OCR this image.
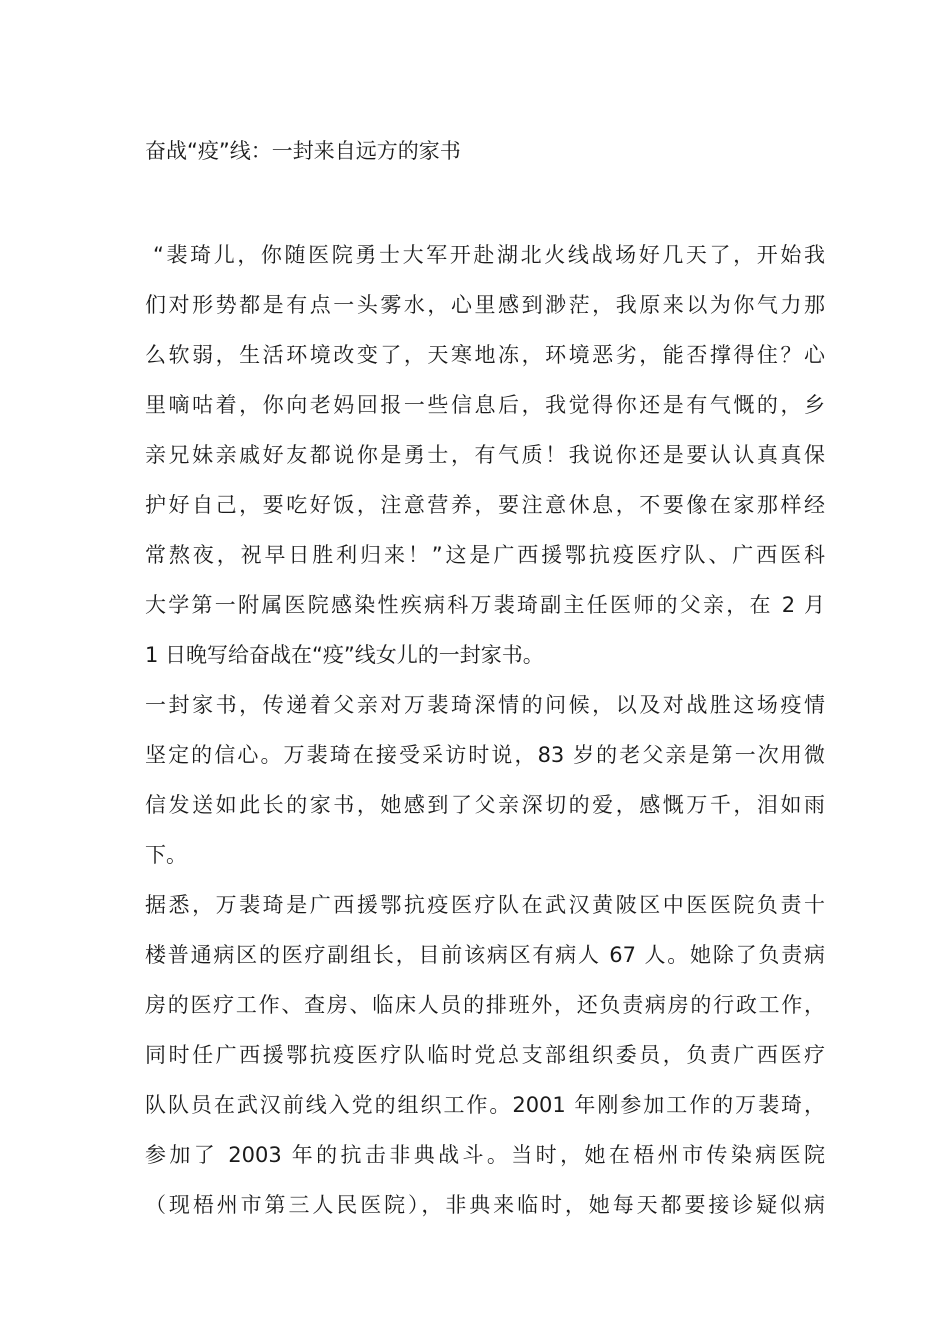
奋战“疫”线：一封来自远方的家书
“裴琦儿，你随医院勇士大军开赴湖北火线战场好几天了，开始我
们对形势都是有点一头雾水，心里感到渺茫，我原来以为你气力那
么软弱，生活环境改变了，天寒地冻，环境恶劣，能否撑得住？心
里嘀咕着，你向老妈回报一些信息后，我觉得你还是有气慨的，乡
亲兄妹亲戚好友都说你是勇士，有气质！我说你还是要认认真真保
护好自己，要吃好饭，注意营养，要注意休息，不要像在家那样经
常熬夜，祝早日胜利归来！”这是广西援鄂抗疫医疗队、广西医科
大学第一附属医院感染性疾病科万裴琦副主任医师的父亲，在 2 月
1 日晚写给奋战在“疫”线女儿的一封家书。
一封家书，传递着父亲对万裴琦深情的问候，以及对战胜这场疫情
坚定的信心。万裴琦在接受采访时说，83 岁的老父亲是第一次用微
信发送如此长的家书，她感到了父亲深切的爱，感慨万千，泪如雨
下。
据悉，万裴琦是广西援鄂抗疫医疗队在武汉黄陂区中医医院负责十
楼普通病区的医疗副组长，目前该病区有病人 67 人。她除了负责病
房的医疗工作、查房、临床人员的排班外，还负责病房的行政工作，
同时任广西援鄂抗疫医疗队临时党总支部组织委员，负责广西医疗
队队员在武汉前线入党的组织工作。2001 年刚参加工作的万裴琦，
参加了 2003 年的抗击非典战斗。当时，她在梧州市传染病医院
（现梧州市第三人民医院），非典来临时，她每天都要接诊疑似病
